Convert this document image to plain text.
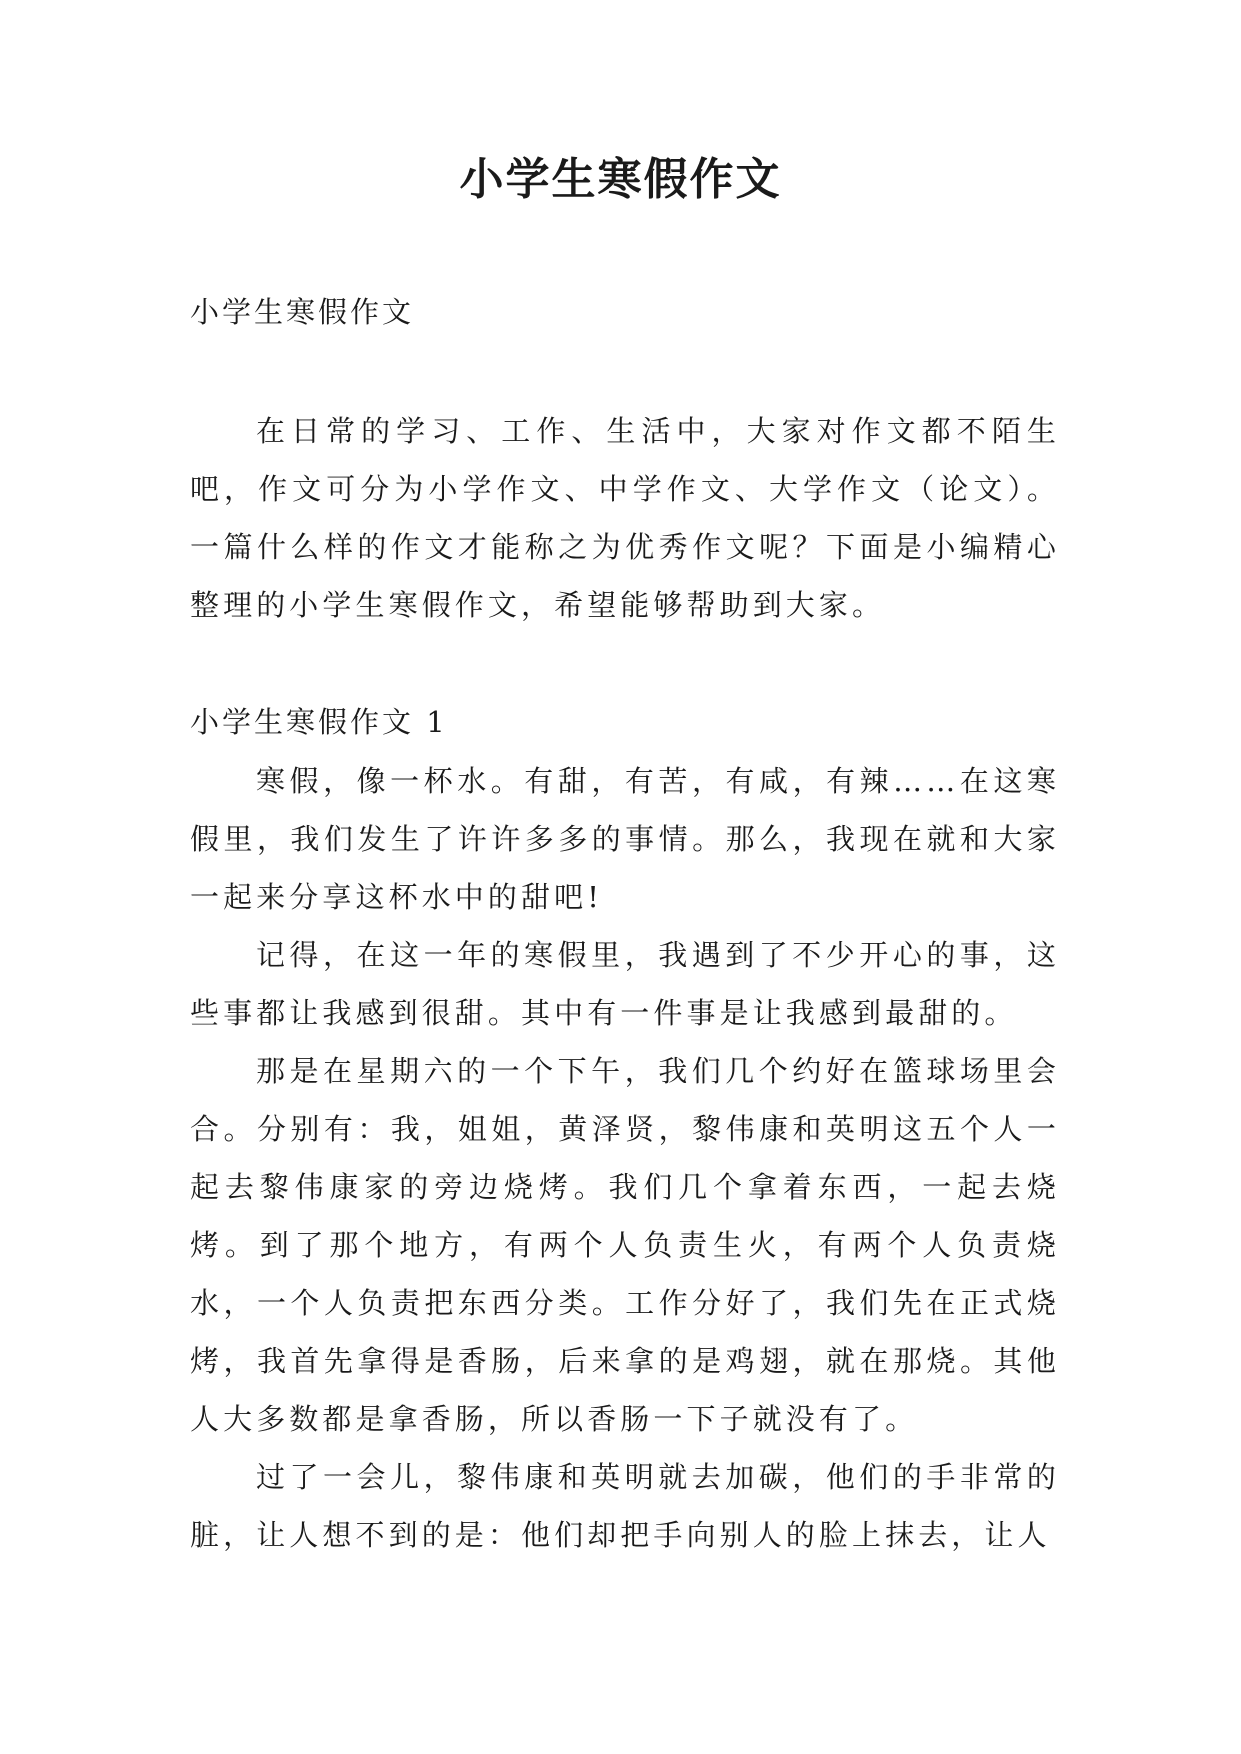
小学生寒假作文

小学生寒假作文

在日常的学习、工作、生活中，大家对作文都不陌生吧，作文可分为小学作文、中学作文、大学作文（论文）。一篇什么样的作文才能称之为优秀作文呢？下面是小编精心整理的小学生寒假作文，希望能够帮助到大家。

小学生寒假作文 1

寒假，像一杯水。有甜，有苦，有咸，有辣……在这寒假里，我们发生了许许多多的事情。那么，我现在就和大家一起来分享这杯水中的甜吧!

记得，在这一年的寒假里，我遇到了不少开心的事，这些事都让我感到很甜。其中有一件事是让我感到最甜的。

那是在星期六的一个下午，我们几个约好在篮球场里会合。分别有：我，姐姐，黄泽贤，黎伟康和英明这五个人一起去黎伟康家的旁边烧烤。我们几个拿着东西，一起去烧烤。到了那个地方，有两个人负责生火，有两个人负责烧水，一个人负责把东西分类。工作分好了，我们先在正式烧烤，我首先拿得是香肠，后来拿的是鸡翅，就在那烧。其他人大多数都是拿香肠，所以香肠一下子就没有了。

过了一会儿，黎伟康和英明就去加碳，他们的手非常的脏，让人想不到的是：他们却把手向别人的脸上抹去，让人
